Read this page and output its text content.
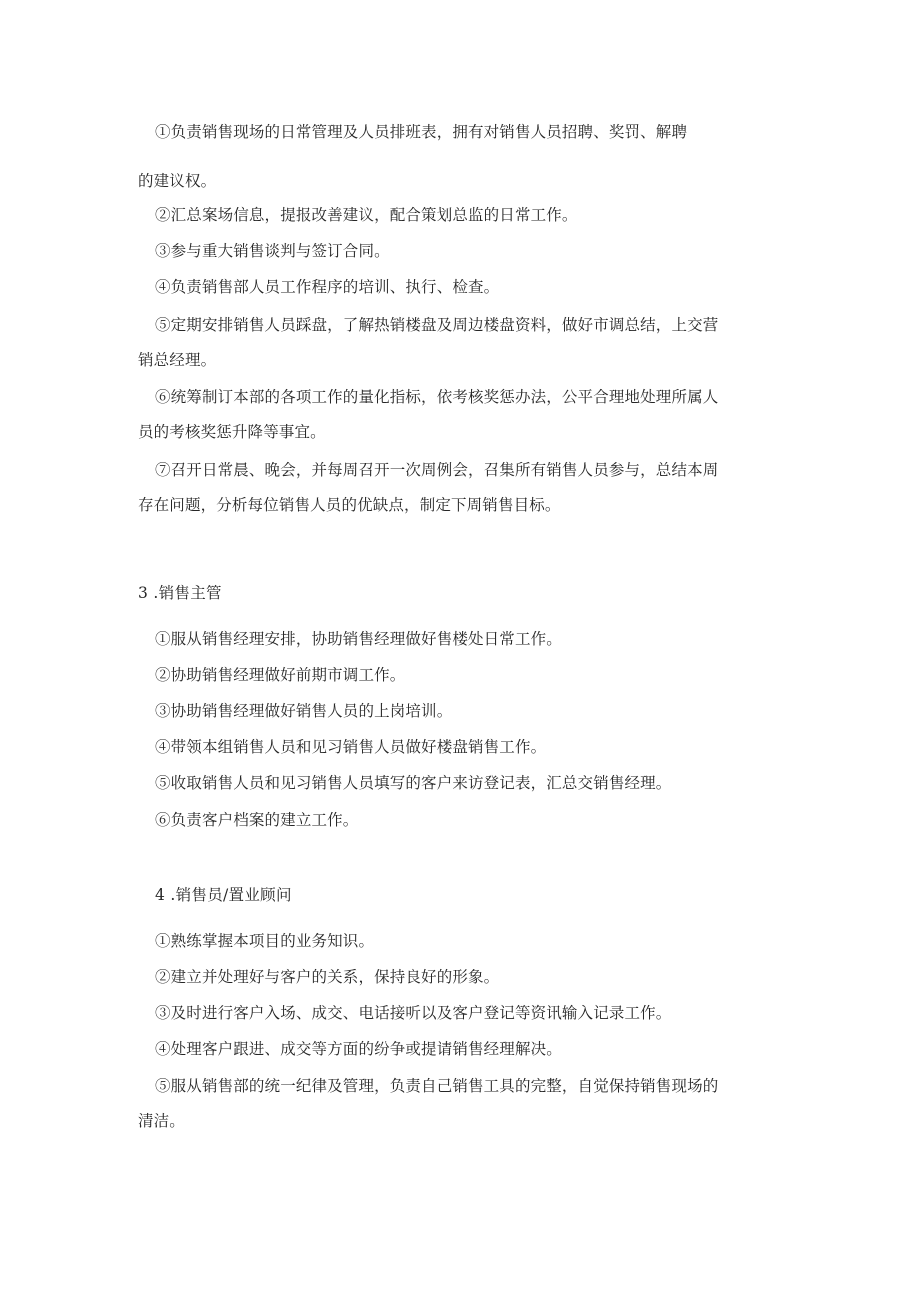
①负责销售现场的日常管理及人员排班表，拥有对销售人员招聘、奖罚、解聘
的建议权。
②汇总案场信息，提报改善建议，配合策划总监的日常工作。
③参与重大销售谈判与签订合同。
④负责销售部人员工作程序的培训、执行、检查。
⑤定期安排销售人员踩盘，了解热销楼盘及周边楼盘资料，做好市调总结，上交营
销总经理。
⑥统筹制订本部的各项工作的量化指标，依考核奖惩办法，公平合理地处理所属人
员的考核奖惩升降等事宜。
⑦召开日常晨、晚会，并每周召开一次周例会，召集所有销售人员参与，总结本周
存在问题，分析每位销售人员的优缺点，制定下周销售目标。
3 .销售主管
①服从销售经理安排，协助销售经理做好售楼处日常工作。
②协助销售经理做好前期市调工作。
③协助销售经理做好销售人员的上岗培训。
④带领本组销售人员和见习销售人员做好楼盘销售工作。
⑤收取销售人员和见习销售人员填写的客户来访登记表，汇总交销售经理。
⑥负责客户档案的建立工作。
4 .销售员/置业顾问
①熟练掌握本项目的业务知识。
②建立并处理好与客户的关系，保持良好的形象。
③及时进行客户入场、成交、电话接听以及客户登记等资讯输入记录工作。
④处理客户跟进、成交等方面的纷争或提请销售经理解决。
⑤服从销售部的统一纪律及管理，负责自己销售工具的完整，自觉保持销售现场的
清洁。
